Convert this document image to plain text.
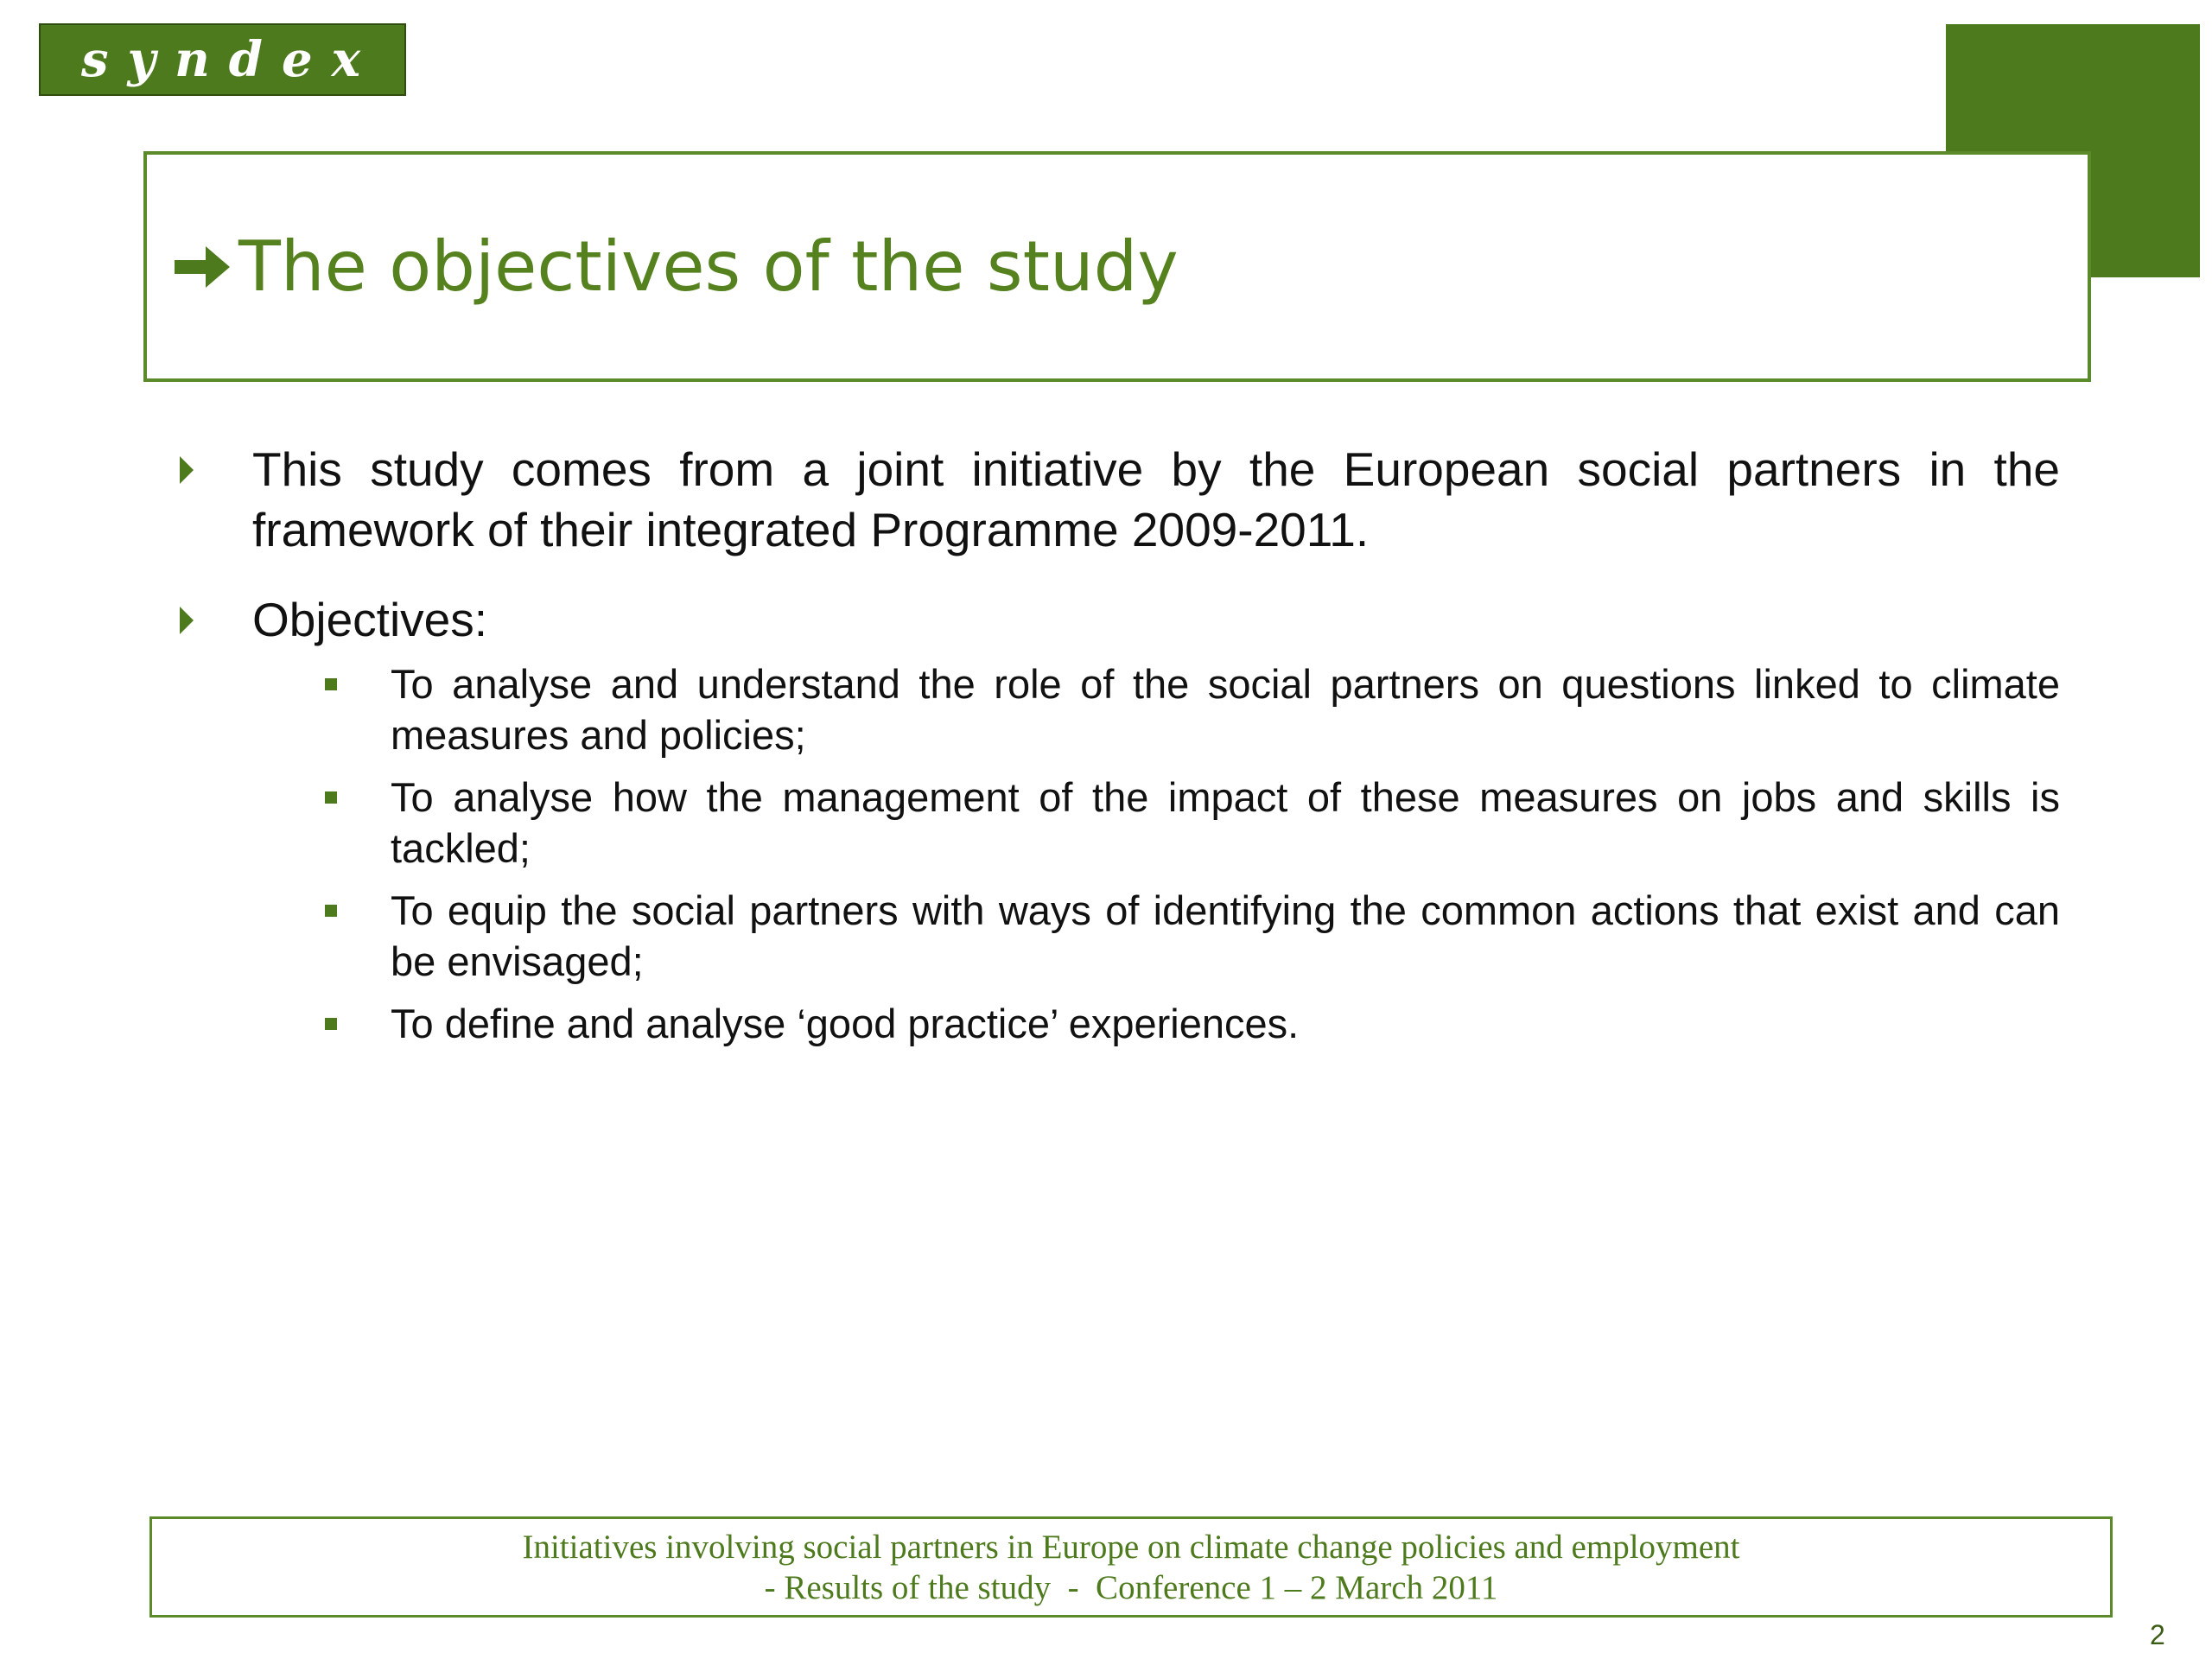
syndex
The objectives of the study
This study comes from a joint initiative by the European social partners in the framework of their integrated Programme 2009-2011.
Objectives:
To analyse and understand the role of the social partners on questions linked to climate measures and policies;
To analyse how the management of the impact of these measures on jobs and skills is tackled;
To equip the social partners with ways of identifying the common actions that exist and can be envisaged;
To define and analyse ‘good practice’ experiences.
Initiatives involving social partners in Europe on climate change policies and employment
- Results of the study  -  Conference 1 – 2 March 2011
2
